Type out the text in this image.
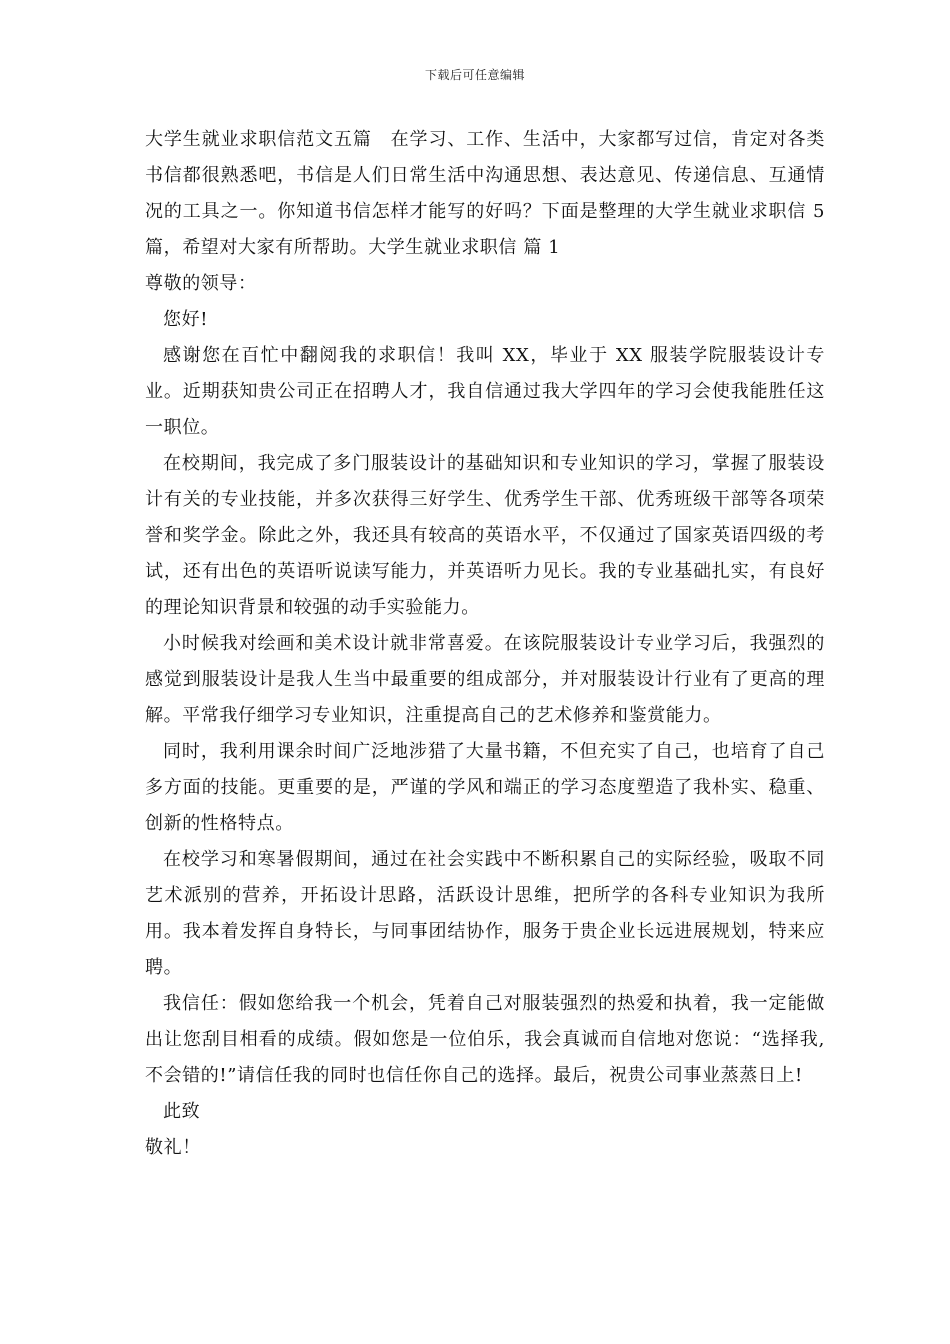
下载后可任意编辑

大学生就业求职信范文五篇　在学习、工作、生活中，大家都写过信，肯定对各类书信都很熟悉吧，书信是人们日常生活中沟通思想、表达意见、传递信息、互通情况的工具之一。你知道书信怎样才能写的好吗？下面是整理的大学生就业求职信 5 篇，希望对大家有所帮助。大学生就业求职信 篇 1

尊敬的领导：

您好!

感谢您在百忙中翻阅我的求职信！我叫 XX，毕业于 XX 服装学院服装设计专业。近期获知贵公司正在招聘人才，我自信通过我大学四年的学习会使我能胜任这一职位。

在校期间，我完成了多门服装设计的基础知识和专业知识的学习，掌握了服装设计有关的专业技能，并多次获得三好学生、优秀学生干部、优秀班级干部等各项荣誉和奖学金。除此之外，我还具有较高的英语水平，不仅通过了国家英语四级的考试，还有出色的英语听说读写能力，并英语听力见长。我的专业基础扎实，有良好的理论知识背景和较强的动手实验能力。

小时候我对绘画和美术设计就非常喜爱。在该院服装设计专业学习后，我强烈的感觉到服装设计是我人生当中最重要的组成部分，并对服装设计行业有了更高的理解。平常我仔细学习专业知识，注重提高自己的艺术修养和鉴赏能力。

同时，我利用课余时间广泛地涉猎了大量书籍，不但充实了自己，也培育了自己多方面的技能。更重要的是，严谨的学风和端正的学习态度塑造了我朴实、稳重、创新的性格特点。

在校学习和寒暑假期间，通过在社会实践中不断积累自己的实际经验，吸取不同艺术派别的营养，开拓设计思路，活跃设计思维，把所学的各科专业知识为我所用。我本着发挥自身特长，与同事团结协作，服务于贵企业长远进展规划，特来应聘。

我信任：假如您给我一个机会，凭着自己对服装强烈的热爱和执着，我一定能做出让您刮目相看的成绩。假如您是一位伯乐，我会真诚而自信地对您说：“选择我,不会错的!”请信任我的同时也信任你自己的选择。最后，祝贵公司事业蒸蒸日上!

此致

敬礼！
